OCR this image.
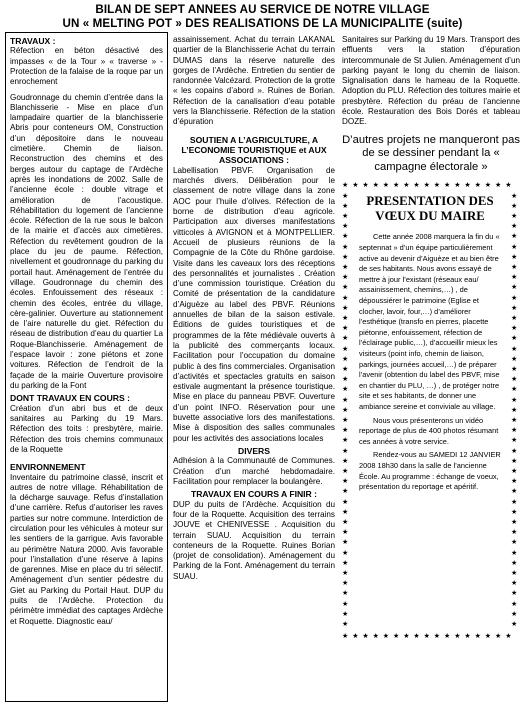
BILAN DE SEPT ANNEES AU SERVICE DE NOTRE VILLAGE
UN « MELTING POT » DES REALISATIONS DE LA MUNICIPALITE (suite)
TRAVAUX :

Réfection en béton désactivé des impasses « de la Tour » « traverse » - Protection de la falaise de la roque par un enrochement

Goudronnage du chemin d’entrée dans la Blanchisserie - Mise en place d’un lampadaire quartier de la blanchisserie Abris pour conteneurs OM, Construction d’un dépositoire dans le nouveau cimetière. Chemin de liaison. Reconstruction des chemins et des berges autour du captage de l’Ardèche après les inondations de 2002. Salle de l’ancienne école : double vitrage et amélioration de l’acoustique. Réhabilitation du logement de l’ancienne école. Réfection de la rue sous le balcon de la mairie et d’accès aux cimetières. Réfection du revêtement goudron de la place du jeu de paume. Réfection, nivellement et goudronnage du parking du portail haut. Aménagement de l’entrée du village. Goudronnage du chemin des écoles. Enfouissement des réseaux : chemin des écoles, entrée du village, cère-galinier. Ouverture au stationnement de l’aire naturelle du giet. Réfection du réseau de distribution d’eau du quartier La Roque-Blanchisserie. Aménagement de l’espace lavoir : zone piétons et zone voitures. Réfection de l’endroit de la façade de la mairie Ouverture provisoire du parking de la Font

DONT TRAVAUX EN COURS :

Création d’un abri bus et de deux sanitaires au Parking du 19 Mars. Réfection des toits : presbytère, mairie. Réfection des trois chemins communaux de la Roquette

ENVIRONNEMENT

Inventaire du patrimoine classé, inscrit et autres de notre village. Réhabilitation de la décharge sauvage. Refus d’installation d’une carrière. Refus d’autoriser les raves parties sur notre commune. Interdiction de circulation pour les véhicules à moteur sur les sentiers de la garrigue. Avis favorable au périmètre Natura 2000. Avis favorable pour l’installation d’une réserve à lapins de garennes. Mise en place du tri sélectif. Aménagement d’un sentier pédestre du Giet au Parking du Portail Haut. DUP du puits de l’Ardèche. Protection du périmètre immédiat des captages Ardèche et Roquette. Diagnostic eau/

assainissement. Achat du terrain LAKANAL quartier de la Blanchisserie Achat du terrain DUMAS dans la réserve naturelle des gorges de l’Ardèche. Entretien du sentier de randonnée Valcézard. Protection de la grotte « les copains d’abord ». Ruines de Borian. Réfection de la canalisation d’eau potable vers la Blanchisserie. Réfection de la station d’épuration

SOUTIEN A L’AGRICULTURE, A L’ECONOMIE TOURISTIQUE et AUX ASSOCIATIONS :

Labellisation PBVF. Organisation de marchés divers. Délibération pour le classement de notre village dans la zone AOC pour l’huile d’olives. Réfection de la borne de distribution d’eau agricole. Participation aux diverses manifestations vitticoles à AVIGNON et à MONTPELLIER. Accueil de plusieurs réunions de la Compagnie de la Côte du Rhône gardoise. Visite dans les caveaux lors des réceptions des personnalités et journalistes . Création d’une commission touristique. Création du Comité de présentation de la candidature d’Aiguèze au label des PBVF. Réunions annuelles de bilan de la saison estivale. Éditions de guides touristiques et de programmes de la fête médiévale ouverts à la publicité des commerçants locaux. Facilitation pour l’occupation du domaine public à des fins commerciales. Organisation d’activités et spectacles gratuits en saison estivale augmentant la présence touristique. Mise en place du panneau PBVF. Ouverture d’un point INFO. Réservation pour une buvette associative lors des manifestations. Mise à disposition des salles communales pour les activités des associations locales

DIVERS

Adhésion à la Communauté de Communes. Création d’un marché hebdomadaire. Facilitation pour remplacer la boulangère.

TRAVAUX EN COURS A FINIR :

DUP du puits de l’Ardèche. Acquisition du four de la Roquette. Acquisition des terrains JOUVE et CHENIVESSE . Acquisition du terrain SUAU. Acquisition du terrain conteneurs de la Roquette. Ruines Borian (projet de consolidation). Aménagement du Parking de la Font. Aménagement du terrain SUAU.

Sanitaires sur Parking du 19 Mars. Transport des effluents vers la station d’épuration intercommunale de St Julien. Aménagement d’un parking payant le long du chemin de liaison. Signalisation dans le hameau de la Roquette. Adoption du PLU. Réfection des toitures mairie et presbytère. Réfection du préau de l’ancienne école. Restauration des Bois Dorés et tableau DOZE.

D’autres projets ne manqueront pas de se dessiner pendant la « campagne électorale »

★
★
★
★
★
★
★
★
★
★
★
★
★
★
★
★
★
★
★
★
★
★
★
★
★
★
★
★
★
★
★
★
★
★
★	★
★	★
★	★
★	★
★	★
★	★
★	★
★	★
★	★
★	★
★	★
★	★
★	★
★	★
★	★
★	★
★	★
★	★
★	★
★	★
★	★
★	★
★	★
★	★
★	★
★	★
★	★
★	★
★	★
★	★
★	★
★	★
★	★
★	★
★	★
★	★
★	★
★	★
★	★
★	★
★	★
★	★
★	★
PRESENTATION DES VŒUX DU MAIRE

Cette année 2008 marquera la fin du « septennat » d’un équipe particulièrement active au devenir d’Aiguèze et au bien être de ses habitants. Nous avons essayé de mettre à jour l’existant (réseaux eau/ assainissement, chemins,…) , de dépoussiérer le patrimoine (Eglise et clocher, lavoir, four,…) d’améliorer l’esthétique (transfo en pierres, placette piétonne, enfouissement, réfection de l’éclairage public,…), d’accueillir mieux les visiteurs (point info, chemin de liaison, parkings, journées accueil,…) de préparer l’avenir (obtention du label des PBVF, mise en chantier du PLU, …) , de protéger notre site et ses habitants, de donner une ambiance sereine et conviviale au village.

Nous vous présenterons un vidéo reportage de plus de 400 photos résumant ces années à votre service.

Rendez-vous au SAMEDI 12 JANVIER 2008 18h30 dans la salle de l’ancienne École. Au programme : échange de voeux, présentation du reportage et apéritif.
